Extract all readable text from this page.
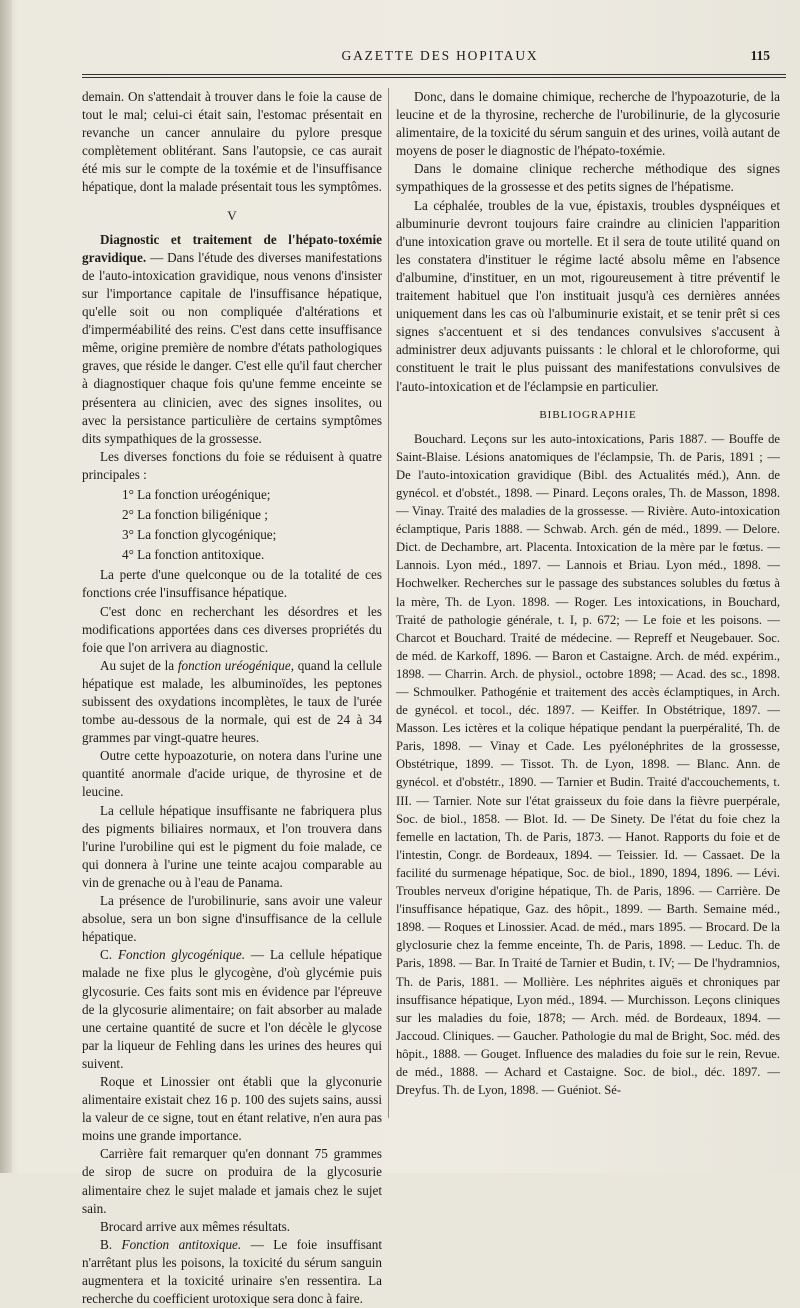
GAZETTE DES HOPITAUX	115

demain. On s'attendait à trouver dans le foie la cause de tout le mal; celui-ci était sain, l'estomac présentait en revanche un cancer annulaire du pylore presque complètement oblitérant. Sans l'autopsie, ce cas aurait été mis sur le compte de la toxémie et de l'insuffisance hépatique, dont la malade présentait tous les symptômes.

V

Diagnostic et traitement de l'hépato-toxémie gravidique. — Dans l'étude des diverses manifestations de l'auto-intoxication gravidique, nous venons d'insister sur l'importance capitale de l'insuffisance hépatique, qu'elle soit ou non compliquée d'altérations et d'imperméabilité des reins. C'est dans cette insuffisance même, origine première de nombre d'états pathologiques graves, que réside le danger. C'est elle qu'il faut chercher à diagnostiquer chaque fois qu'une femme enceinte se présentera au clinicien, avec des signes insolites, ou avec la persistance particulière de certains symptômes dits sympathiques de la grossesse.

Les diverses fonctions du foie se réduisent à quatre principales :

1° La fonction uréogénique;
2° La fonction biligénique ;
3° La fonction glycogénique;
4° La fonction antitoxique.

La perte d'une quelconque ou de la totalité de ces fonctions crée l'insuffisance hépatique.

C'est donc en recherchant les désordres et les modifications apportées dans ces diverses propriétés du foie que l'on arrivera au diagnostic.

Au sujet de la fonction uréogénique, quand la cellule hépatique est malade, les albuminoïdes, les peptones subissent des oxydations incomplètes, le taux de l'urée tombe au-dessous de la normale, qui est de 24 à 34 grammes par vingt-quatre heures.

Outre cette hypoazoturie, on notera dans l'urine une quantité anormale d'acide urique, de thyrosine et de leucine.

La cellule hépatique insuffisante ne fabriquera plus des pigments biliaires normaux, et l'on trouvera dans l'urine l'urobiline qui est le pigment du foie malade, ce qui donnera à l'urine une teinte acajou comparable au vin de grenache ou à l'eau de Panama.

La présence de l'urobilinurie, sans avoir une valeur absolue, sera un bon signe d'insuffisance de la cellule hépatique.

C. Fonction glycogénique. — La cellule hépatique malade ne fixe plus le glycogène, d'où glycémie puis glycosurie. Ces faits sont mis en évidence par l'épreuve de la glycosurie alimentaire; on fait absorber au malade une certaine quantité de sucre et l'on décèle le glycose par la liqueur de Fehling dans les urines des heures qui suivent.

Roque et Linossier ont établi que la glyconurie alimentaire existait chez 16 p. 100 des sujets sains, aussi la valeur de ce signe, tout en étant relative, n'en aura pas moins une grande importance.

Carrière fait remarquer qu'en donnant 75 grammes de sirop de sucre on produira de la glycosurie alimentaire chez le sujet malade et jamais chez le sujet sain.

Brocard arrive aux mêmes résultats.

B. Fonction antitoxique. — Le foie insuffisant n'arrêtant plus les poisons, la toxicité du sérum sanguin augmentera et la toxicité urinaire s'en ressentira. La recherche du coefficient urotoxique sera donc à faire.

Donc, dans le domaine chimique, recherche de l'hypoazoturie, de la leucine et de la thyrosine, recherche de l'urobilinurie, de la glycosurie alimentaire, de la toxicité du sérum sanguin et des urines, voilà autant de moyens de poser le diagnostic de l'hépato-toxémie.

Dans le domaine clinique recherche méthodique des signes sympathiques de la grossesse et des petits signes de l'hépatisme.

La céphalée, troubles de la vue, épistaxis, troubles dyspnéiques et albuminurie devront toujours faire craindre au clinicien l'apparition d'une intoxication grave ou mortelle. Et il sera de toute utilité quand on les constatera d'instituer le régime lacté absolu même en l'absence d'albumine, d'instituer, en un mot, rigoureusement à titre préventif le traitement habituel que l'on instituait jusqu'à ces dernières années uniquement dans les cas où l'albuminurie existait, et se tenir prêt si ces signes s'accentuent et si des tendances convulsives s'accusent à administrer deux adjuvants puissants : le chloral et le chloroforme, qui constituent le trait le plus puissant des manifestations convulsives de l'auto-intoxication et de l'éclampsie en particulier.

BIBLIOGRAPHIE

Bouchard. Leçons sur les auto-intoxications, Paris 1887. — Bouffe de Saint-Blaise. Lésions anatomiques de l'éclampsie, Th. de Paris, 1891 ; — De l'auto-intoxication gravidique (Bibl. des Actualités méd.), Ann. de gynécol. et d'obstét., 1898. — Pinard. Leçons orales, Th. de Masson, 1898. — Vinay. Traité des maladies de la grossesse. — Rivière. Auto-intoxication éclamptique, Paris 1888. — Schwab. Arch. gén de méd., 1899. — Delore. Dict. de Dechambre, art. Placenta. Intoxication de la mère par le fœtus. — Lannois. Lyon méd., 1897. — Lannois et Briau. Lyon méd., 1898. — Hochwelker. Recherches sur le passage des substances solubles du fœtus à la mère, Th. de Lyon. 1898. — Roger. Les intoxications, in Bouchard, Traité de pathologie générale, t. I, p. 672; — Le foie et les poisons. — Charcot et Bouchard. Traité de médecine. — Repreff et Neugebauer. Soc. de méd. de Karkoff, 1896. — Baron et Castaigne. Arch. de méd. expérim., 1898. — Charrin. Arch. de physiol., octobre 1898; — Acad. des sc., 1898. — Schmoulker. Pathogénie et traitement des accès éclamptiques, in Arch. de gynécol. et tocol., déc. 1897. — Keiffer. In Obstétrique, 1897. — Masson. Les ictères et la colique hépatique pendant la puerpéralité, Th. de Paris, 1898. — Vinay et Cade. Les pyélonéphrites de la grossesse, Obstétrique, 1899. — Tissot. Th. de Lyon, 1898. — Blanc. Ann. de gynécol. et d'obstétr., 1890. — Tarnier et Budin. Traité d'accouchements, t. III. — Tarnier. Note sur l'état graisseux du foie dans la fièvre puerpérale, Soc. de biol., 1858. — Blot. Id. — De Sinety. De l'état du foie chez la femelle en lactation, Th. de Paris, 1873. — Hanot. Rapports du foie et de l'intestin, Congr. de Bordeaux, 1894. — Teissier. Id. — Cassaet. De la facilité du surmenage hépatique, Soc. de biol., 1890, 1894, 1896. — Lévi. Troubles nerveux d'origine hépatique, Th. de Paris, 1896. — Carrière. De l'insuffisance hépatique, Gaz. des hôpit., 1899. — Barth. Semaine méd., 1898. — Roques et Linossier. Acad. de méd., mars 1895. — Brocard. De la glyclosurie chez la femme enceinte, Th. de Paris, 1898. — Leduc. Th. de Paris, 1898. — Bar. In Traité de Tarnier et Budin, t. IV; — De l'hydramnios, Th. de Paris, 1881. — Mollière. Les néphrites aiguës et chroniques par insuffisance hépatique, Lyon méd., 1894. — Murchisson. Leçons cliniques sur les maladies du foie, 1878; — Arch. méd. de Bordeaux, 1894. — Jaccoud. Cliniques. — Gaucher. Pathologie du mal de Bright, Soc. méd. des hôpit., 1888. — Gouget. Influence des maladies du foie sur le rein, Revue. de méd., 1888. — Achard et Castaigne. Soc. de biol., déc. 1897. — Dreyfus. Th. de Lyon, 1898. — Guéniot. Sé-
